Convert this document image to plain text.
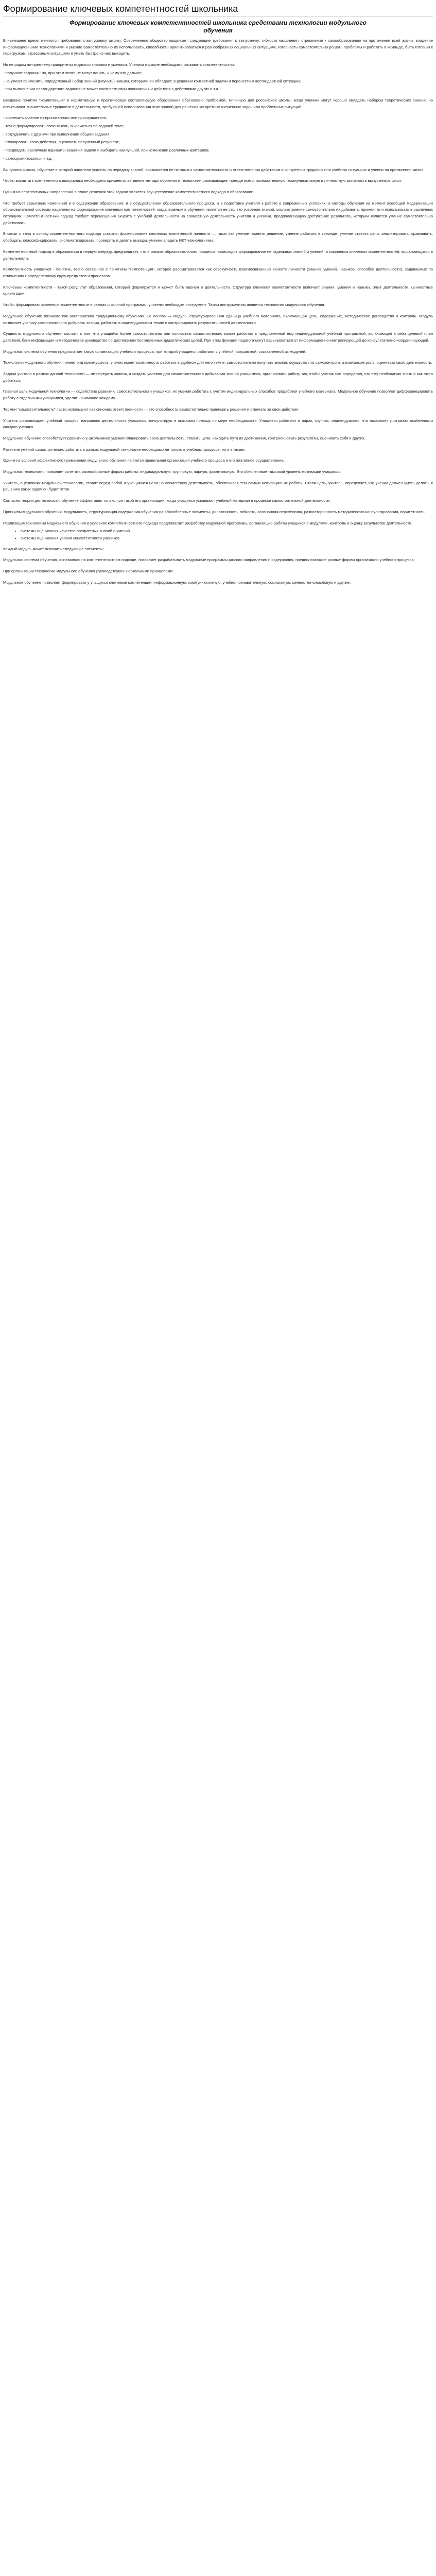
Формирование ключевых компетентностей школьника
Формирование ключевых компетентностей школьника средствами технологии модульного обучения

В нынешнее время меняются требования к выпускнику школы. Современное общество выдвигает следующие требования к выпускнику: гибкость мышления, стремление к самообразованию на протяжении всей жизни, владение информационными технологиями и умение самостоятельно их использовать, способность ориентироваться в разнообразных социальных ситуациях, готовность самостоятельно решать проблемы и работать в команде, быть готовым к перегрузкам, стрессовым ситуациям и уметь быстро из них выходить.

Но не рядом по-прежнему приоритеты отдаются знаниям и умениям. Ученика в школе необходимо развивать компетентностно:

- получают задания : но, при этом хотят, не могут понять, к чему что дальше;

- не умеют применять, определенный набор знаний (научить) навыки, которыми он обладает, в решении конкретной задачи и перенести в нестандартной ситуации;

- при выполнении нестандартного задания не может соотнести свои полномочия и действия с действиями других и т.д.

Введение понятия "компетенция" в нормативную и практическую составляющую образования обосновано проблемой, типичную для российской школы, когда ученики могут хорошо овладеть набором теоретических знаний, но испытывают значительные трудности в деятельности, требующей использования этих знаний для решения конкретных жизненных задач или проблемных ситуаций.

- вовлекать главное из прочитанного или прослушанного;

- точно формулировать свою мысль, выражаться по задачей теме;

- сотрудничать с другими при выполнении общего задания;

- планировать свою действия, оценивать полученный результат;

- предвидеть различные варианты решения задачи и выбирать наилучший, при изменении различных критериев;

- самоорганизоваться и т.д.

Выпускник школы, обучение в которой нацелено усилить на передачу знаний, оказывается не готовым к самостоятельности и ответственным действиям в конкретных трудовых или учебных ситуациях и учения на протяжении жизни.

Чтобы воспитать компетентного выпускника необходимо применять активные методы обучения и технологии развивающие, прежде всего, познавательную, коммуникативную и личностную активность выпускников школ.

Одним из перспективных направлений в плане решения этой задачи является осуществление компетентностного подхода в образовании.

Что требует серьезных изменений и в содержании образования, и в осуществлении образовательного процесса, и в подготовке учителя к работе в современных условиях, а методы обучения на момент всеобщей модернизации образовательной системы нацелены на формирование ключевых компетентностей, когда главным в обучении является не столько усвоение знаний, сколько умение самостоятельно их добывать, применять и использовать в различных ситуациях. Компетентностный подход требует перемещения акцента с учебной деятельности на совместную деятельность учителя и ученика, предполагающую достижение результата, которым является умение самостоятельно действовать.

В связи с этим в основу компетентностного подхода ставится формирование ключевых компетенций личности — таких как умение принять решение, умение работать в команде, умение ставить цели, анализировать, сравнивать, обобщать, классифицировать, систематизировать, проверять и делать выводы, умение владеть ИКТ-технологиями.

Компетентностный подход в образовании в первую очередь предполагает, что в рамках образовательного процесса происходит формирование не отдельных знаний и умений, а комплекса ключевых компетентностей, выражающихся в деятельности.

Компетентность учащихся - понятие, тесно связанное с понятием "компетенция", которое рассматривается как совокупность взаимосвязанных качеств личности (знаний, умений, навыков, способов деятельности), задаваемых по отношению к определенному кругу предметов и процессов.

Ключевые компетентности - такой результат образования, который формируется и может быть оценен в деятельности. Структура ключевой компетентности включает знания, умения и навыки, опыт деятельности, ценностные ориентации.

Чтобы формировать ключевые компетентности в рамках школьной программы, учителю необходим инструмент. Таким инструментом является технология модульного обучения.

Модульное обучение возникло как альтернатива традиционному обучению. Ее основа — модуль, структурированная единица учебного материала, включающая цель, содержание, методическое руководство и контроль. Модуль позволяет ученику самостоятельно добывать знания, работать в индивидуальном темпе и контролировать результаты своей деятельности.

Сущность модульного обучения состоит в том, что учащийся более самостоятельно или полностью самостоятельно может работать с предложенной ему индивидуальной учебной программой, включающей в себя целевой план действий, банк информации и методическое руководство по достижению поставленных дидактических целей. При этом функции педагога могут варьироваться от информационно-контролирующей до консультативно-координирующей.

Модульная система обучения предполагает такую организацию учебного процесса, при которой учащиеся работают с учебной программой, составленной из модулей.

Технология модульного обучения имеет ряд преимуществ: ученик имеет возможность работать в удобном для него темпе, самостоятельно получать знания, осуществлять самоконтроль и взаимоконтроль, оценивать свою деятельность.

Задача учителя в рамках данной технологии — не передать знания, а создать условия для самостоятельного добывания знаний учащимися, организовать работу так, чтобы ученик сам определял, что ему необходимо знать и как этого добиться.

Главная цель модульной технологии — содействие развитию самостоятельности учащихся, их умения работать с учетом индивидуальных способов проработки учебного материала. Модульное обучение позволяет дифференцировать работу с отдельными учащимися, уделять внимание каждому.

Термин "самостоятельность" часто используют как синоним ответственности — это способность самостоятельно принимать решения и отвечать за свои действия.

Учитель сопровождает учебный процесс, направляя деятельность учащихся, консультируя и оказывая помощь по мере необходимости. Учащиеся работают в парах, группах, индивидуально, что позволяет учитывать особенности каждого ученика.

Модульное обучение способствует развитию у школьников умений планировать свою деятельность, ставить цели, находить пути их достижения, контролировать результаты, оценивать себя и других.

Развитие умений самостоятельно работать в рамках модульной технологии необходимо не только в учебном процессе, но и в жизни.

Одним из условий эффективного применения модульного обучения является правильная организация учебного процесса и его поэтапное осуществление.

Модульная технология позволяет сочетать разнообразные формы работы: индивидуальную, групповую, парную, фронтальную. Это обеспечивает высокий уровень мотивации учащихся.

Учитель, в условиях модульной технологии, ставит перед собой и учащимися цели на совместную деятельность, обеспечивая тем самым мотивацию их работы. Ставя цель, учитель, определяет, что ученик должен уметь делать, к решению каких задач он будет готов.

Согласно теории деятельности, обучение эффективно только при такой его организации, когда учащиеся усваивают учебный материал в процессе самостоятельной деятельности.

Принципы модульного обучения: модульность, структуризация содержания обучения на обособленные элементы, динамичность, гибкость, осознанная перспектива, разносторонность методического консультирования, паритетность.

Реализация технологии модульного обучения в условиях компетентностного подхода предполагает разработку модульной программы, организацию работы учащихся с модулями, контроль и оценку результатов деятельности.

• системы оценивания качества предметных знаний и умений
• системы оценивания уровня компетентности учеников

Каждый модуль может включать следующие элементы:

Модульная система обучения, основанная на компетентностном подходе, позволяет разрабатывать модульные программы разного направления и содержания, предполагающие разные формы организации учебного процесса.

При организации технологии модульного обучения руководствуюсь несколькими принципами:

Модульное обучение позволяет формировать у учащихся ключевые компетенции: информационную, коммуникативную, учебно-познавательную, социальную, ценностно-смысловую и другие.
